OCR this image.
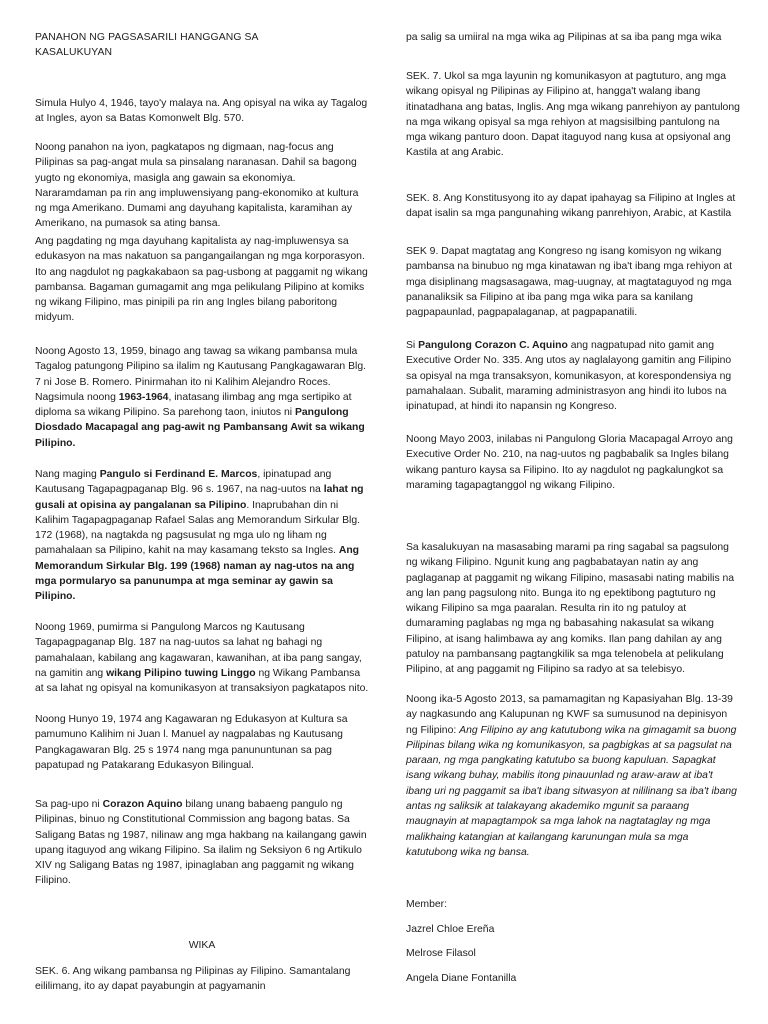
PANAHON NG PAGSASARILI HANGGANG SA
KASALUKUYAN

Simula Hulyo 4, 1946, tayo'y malaya na. Ang opisyal na wika ay Tagalog at Ingles, ayon sa Batas Komonwelt Blg. 570.

Noong panahon na iyon, pagkatapos ng digmaan, nag-focus ang Pilipinas sa pag-angat mula sa pinsalang naranasan. Dahil sa bagong yugto ng ekonomiya, masigla ang gawain sa ekonomiya. Nararamdaman pa rin ang impluwensiyang pang-ekonomiko at kultura ng mga Amerikano. Dumami ang dayuhang kapitalista, karamihan ay Amerikano, na pumasok sa ating bansa.

Ang pagdating ng mga dayuhang kapitalista ay nag-impluwensya sa edukasyon na mas nakatuon sa pangangailangan ng mga korporasyon. Ito ang nagdulot ng pagkakabaon sa pag-usbong at paggamit ng wikang pambansa. Bagaman gumagamit ang mga pelikulang Pilipino at komiks ng wikang Filipino, mas pinipili pa rin ang Ingles bilang paboritong midyum.

Noong Agosto 13, 1959, binago ang tawag sa wikang pambansa mula Tagalog patungong Pilipino sa ilalim ng Kautusang Pangkagawaran Blg. 7 ni Jose B. Romero. Pinirmahan ito ni Kalihim Alejandro Roces. Nagsimula noong 1963-1964, inatasang ilimbag ang mga sertipiko at diploma sa wikang Pilipino. Sa parehong taon, iniutos ni Pangulong Diosdado Macapagal ang pag-awit ng Pambansang Awit sa wikang Pilipino.

Nang maging Pangulo si Ferdinand E. Marcos, ipinatupad ang Kautusang Tagapagpaganap Blg. 96 s. 1967, na nag-uutos na lahat ng gusali at opisina ay pangalanan sa Pilipino. Inaprubahan din ni Kalihim Tagapagpaganap Rafael Salas ang Memorandum Sirkular Blg. 172 (1968), na nagtakda ng pagsusulat ng mga ulo ng liham ng pamahalaan sa Pilipino, kahit na may kasamang teksto sa Ingles. Ang Memorandum Sirkular Blg. 199 (1968) naman ay nag-utos na ang mga pormularyo sa panunumpa at mga seminar ay gawin sa Pilipino.

Noong 1969, pumirma si Pangulong Marcos ng Kautusang Tagapagpaganap Blg. 187 na nag-uutos sa lahat ng bahagi ng pamahalaan, kabilang ang kagawaran, kawanihan, at iba pang sangay, na gamitin ang wikang Pilipino tuwing Linggo ng Wikang Pambansa at sa lahat ng opisyal na komunikasyon at transaksiyon pagkatapos nito.

Noong Hunyo 19, 1974 ang Kagawaran ng Edukasyon at Kultura sa pamumuno Kalihim ni Juan l. Manuel ay nagpalabas ng Kautusang Pangkagawaran Blg. 25 s 1974 nang mga panununtunan sa pag papatupad ng Patakarang Edukasyon Bilingual.

Sa pag-upo ni Corazon Aquino bilang unang babaeng pangulo ng Pilipinas, binuo ng Constitutional Commission ang bagong batas. Sa Saligang Batas ng 1987, nilinaw ang mga hakbang na kailangang gawin upang itaguyod ang wikang Filipino. Sa ilalim ng Seksiyon 6 ng Artikulo XIV ng Saligang Batas ng 1987, ipinaglaban ang paggamit ng wikang Filipino.

WIKA

SEK. 6. Ang wikang pambansa ng Pilipinas ay Filipino. Samantalang eililimang, ito ay dapat payabungin at pagyamanin

pa salig sa umiiral na mga wika ag Pilipinas at sa iba pang mga wika

SEK. 7. Ukol sa mga layunin ng komunikasyon at pagtuturo, ang mga wikang opisyal ng Pilipinas ay Filipino at, hangga't walang ibang itinatadhana ang batas, Inglis. Ang mga wikang panrehiyon ay pantulong na mga wikang opisyal sa mga rehiyon at magsisilbing pantulong na mga wikang panturo doon. Dapat itaguyod nang kusa at opsiyonal ang Kastila at ang Arabic.

SEK. 8. Ang Konstitusyong ito ay dapat ipahayag sa Filipino at Ingles at dapat isalin sa mga pangunahing wikang panrehiyon, Arabic, at Kastila

SEK 9. Dapat magtatag ang Kongreso ng isang komisyon ng wikang pambansa na binubuo ng mga kinatawan ng iba't ibang mga rehiyon at mga disiplinang magsasagawa, mag-uugnay, at magtataguyod ng mga pananaliksik sa Filipino at iba pang mga wika para sa kanilang pagpapaunlad, pagpapalaganap, at pagpapanatili.

Si Pangulong Corazon C. Aquino ang nagpatupad nito gamit ang Executive Order No. 335. Ang utos ay naglalayong gamitin ang Filipino sa opisyal na mga transaksyon, komunikasyon, at korespondensiya ng pamahalaan. Subalit, maraming administrasyon ang hindi ito lubos na ipinatupad, at hindi ito napansin ng Kongreso.

Noong Mayo 2003, inilabas ni Pangulong Gloria Macapagal Arroyo ang Executive Order No. 210, na nag-uutos ng pagbabalik sa Ingles bilang wikang panturo kaysa sa Filipino. Ito ay nagdulot ng pagkalungkot sa maraming tagapagtanggol ng wikang Filipino.

Sa kasalukuyan na masasabing marami pa ring sagabal sa pagsulong ng wikang Filipino. Ngunit kung ang pagbabatayan natin ay ang paglaganap at paggamit ng wikang Filipino, masasabi nating mabilis na ang lan pang pagsulong nito. Bunga ito ng epektibong pagtuturo ng wikang Filipino sa mga paaralan. Resulta rin ito ng patuloy at dumaraming paglabas ng mga ng babasahing nakasulat sa wikang Filipino, at isang halimbawa ay ang komiks. Ilan pang dahilan ay ang patuloy na pambansang pagtangkilik sa mga telenobela at pelikulang Pilipino, at ang paggamit ng Filipino sa radyo at sa telebisyo.

Noong ika-5 Agosto 2013, sa pamamagitan ng Kapasiyahan Blg. 13-39 ay nagkasundo ang Kalupunan ng KWF sa sumusunod na depinisyon ng Filipino: Ang Filipino ay ang katutubong wika na gimagamit sa buong Pilipinas bilang wika ng komunikasyon, sa pagbigkas at sa pagsulat na paraan, ng mga pangkating katutubo sa buong kapuluan. Sapagkat isang wikang buhay, mabilis itong pinauunlad ng araw-araw at iba't ibang uri ng paggamit sa iba't ibang sitwasyon at nililinang sa iba't ibang antas ng saliksik at talakayang akademiko mgunit sa paraang maugnayin at mapagtampok sa mga lahok na nagtataglay ng mga malikhaing katangian at kailangang karunungan mula sa mga katutubong wika ng bansa.

Member:

Jazrel Chloe Ereña

Melrose Filasol

Angela Diane Fontanilla
